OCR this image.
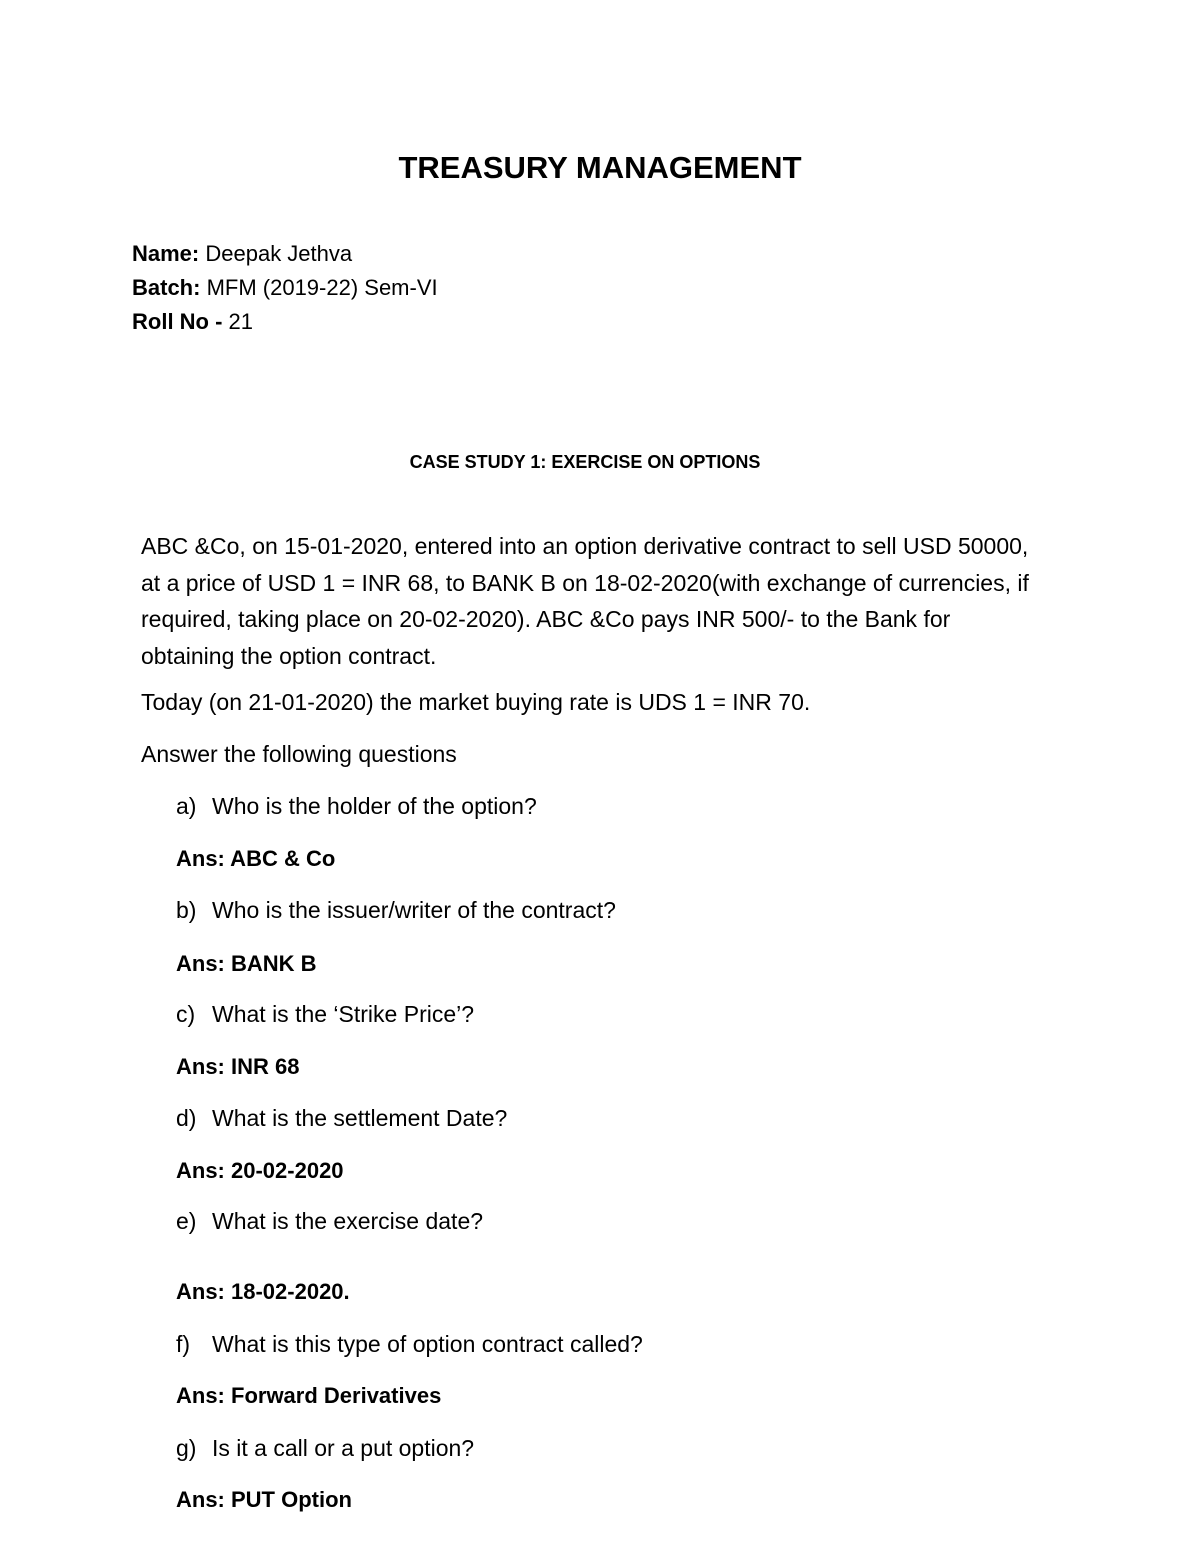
TREASURY MANAGEMENT
Name: Deepak Jethva
Batch: MFM (2019-22) Sem-VI
Roll No - 21
CASE STUDY 1: EXERCISE ON OPTIONS
ABC &Co, on 15-01-2020, entered into an option derivative contract to sell USD 50000, at a price of USD 1 = INR 68, to BANK B on 18-02-2020(with exchange of currencies, if required, taking place on 20-02-2020). ABC &Co pays INR 500/- to the Bank for obtaining the option contract.
Today (on 21-01-2020) the market buying rate is UDS 1 = INR 70.
Answer the following questions
a) Who is the holder of the option?
Ans: ABC & Co
b) Who is the issuer/writer of the contract?
Ans: BANK B
c) What is the ‘Strike Price’?
Ans: INR 68
d) What is the settlement Date?
Ans: 20-02-2020
e) What is the exercise date?
Ans: 18-02-2020.
f) What is this type of option contract called?
Ans: Forward Derivatives
g) Is it a call or a put option?
Ans: PUT Option
